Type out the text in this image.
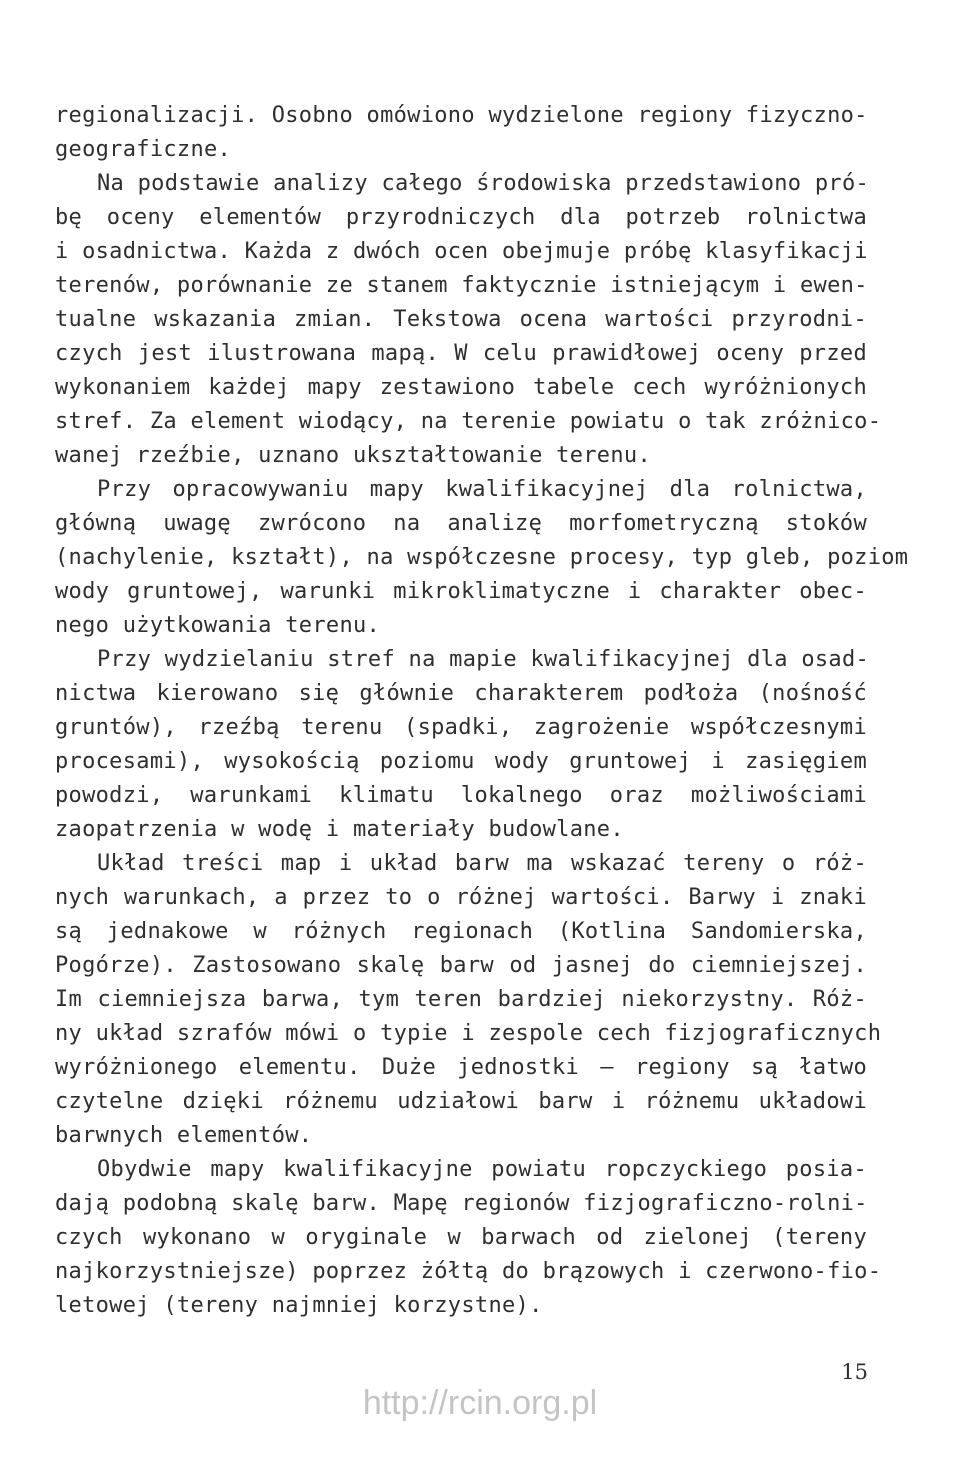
regionalizacji. Osobno omówiono wydzielone regiony fizyczno-
geograficzne.
Na podstawie analizy całego środowiska przedstawiono pró-
bę oceny elementów przyrodniczych dla potrzeb rolnictwa
i osadnictwa. Każda z dwóch ocen obejmuje próbę klasyfikacji
terenów, porównanie ze stanem faktycznie istniejącym i ewen-
tualne wskazania zmian. Tekstowa ocena wartości przyrodni-
czych jest ilustrowana mapą. W celu prawidłowej oceny przed
wykonaniem każdej mapy zestawiono tabele cech wyróżnionych
stref. Za element wiodący, na terenie powiatu o tak zróżnico-
wanej rzeźbie, uznano ukształtowanie terenu.
Przy opracowywaniu mapy kwalifikacyjnej dla rolnictwa,
główną uwagę zwrócono na analizę morfometryczną stoków
(nachylenie, kształt), na współczesne procesy, typ gleb, poziom
wody gruntowej, warunki mikroklimatyczne i charakter obec-
nego użytkowania terenu.
Przy wydzielaniu stref na mapie kwalifikacyjnej dla osad-
nictwa kierowano się głównie charakterem podłoża (nośność
gruntów), rzeźbą terenu (spadki, zagrożenie współczesnymi
procesami), wysokością poziomu wody gruntowej i zasięgiem
powodzi, warunkami klimatu lokalnego oraz możliwościami
zaopatrzenia w wodę i materiały budowlane.
Układ treści map i układ barw ma wskazać tereny o róż-
nych warunkach, a przez to o różnej wartości. Barwy i znaki
są jednakowe w różnych regionach (Kotlina Sandomierska,
Pogórze). Zastosowano skalę barw od jasnej do ciemniejszej.
Im ciemniejsza barwa, tym teren bardziej niekorzystny. Róż-
ny układ szrafów mówi o typie i zespole cech fizjograficznych
wyróżnionego elementu. Duże jednostki — regiony są łatwo
czytelne dzięki różnemu udziałowi barw i różnemu układowi
barwnych elementów.
Obydwie mapy kwalifikacyjne powiatu ropczyckiego posia-
dają podobną skalę barw. Mapę regionów fizjograficzno-rolni-
czych wykonano w oryginale w barwach od zielonej (tereny
najkorzystniejsze) poprzez żółtą do brązowych i czerwono-fio-
letowej (tereny najmniej korzystne).
15
http://rcin.org.pl
